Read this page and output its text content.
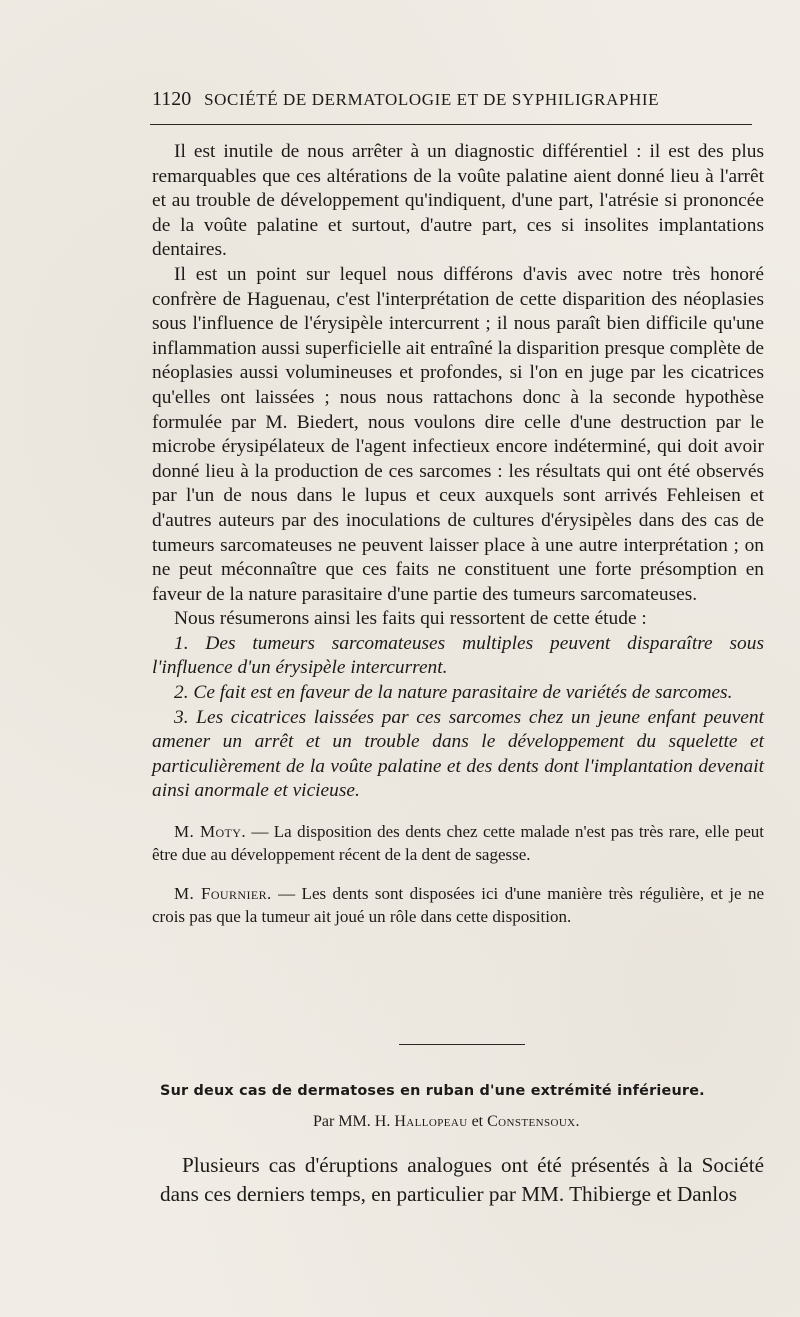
1120 SOCIÉTÉ DE DERMATOLOGIE ET DE SYPHILIGRAPHIE

Il est inutile de nous arrêter à un diagnostic différentiel : il est des plus remarquables que ces altérations de la voûte palatine aient donné lieu à l'arrêt et au trouble de développement qu'indiquent, d'une part, l'atrésie si prononcée de la voûte palatine et surtout, d'autre part, ces si insolites implantations dentaires.

Il est un point sur lequel nous différons d'avis avec notre très honoré confrère de Haguenau, c'est l'interprétation de cette disparition des néoplasies sous l'influence de l'érysipèle intercurrent ; il nous paraît bien difficile qu'une inflammation aussi superficielle ait entraîné la disparition presque complète de néoplasies aussi volumineuses et profondes, si l'on en juge par les cicatrices qu'elles ont laissées ; nous nous rattachons donc à la seconde hypothèse formulée par M. Biedert, nous voulons dire celle d'une destruction par le microbe érysipélateux de l'agent infectieux encore indéterminé, qui doit avoir donné lieu à la production de ces sarcomes : les résultats qui ont été observés par l'un de nous dans le lupus et ceux auxquels sont arrivés Fehleisen et d'autres auteurs par des inoculations de cultures d'érysipèles dans des cas de tumeurs sarcomateuses ne peuvent laisser place à une autre interprétation ; on ne peut méconnaître que ces faits ne constituent une forte présomption en faveur de la nature parasitaire d'une partie des tumeurs sarcomateuses.

Nous résumerons ainsi les faits qui ressortent de cette étude :

1. Des tumeurs sarcomateuses multiples peuvent disparaître sous l'influence d'un érysipèle intercurrent.

2. Ce fait est en faveur de la nature parasitaire de variétés de sarcomes.

3. Les cicatrices laissées par ces sarcomes chez un jeune enfant peuvent amener un arrêt et un trouble dans le développement du squelette et particulièrement de la voûte palatine et des dents dont l'implantation devenait ainsi anormale et vicieuse.

M. Moty. — La disposition des dents chez cette malade n'est pas très rare, elle peut être due au développement récent de la dent de sagesse.

M. Fournier. — Les dents sont disposées ici d'une manière très régulière, et je ne crois pas que la tumeur ait joué un rôle dans cette disposition.

Sur deux cas de dermatoses en ruban d'une extrémité inférieure.
Par MM. H. Hallopeau et Constensoux.

Plusieurs cas d'éruptions analogues ont été présentés à la Société dans ces derniers temps, en particulier par MM. Thibierge et Danlos
